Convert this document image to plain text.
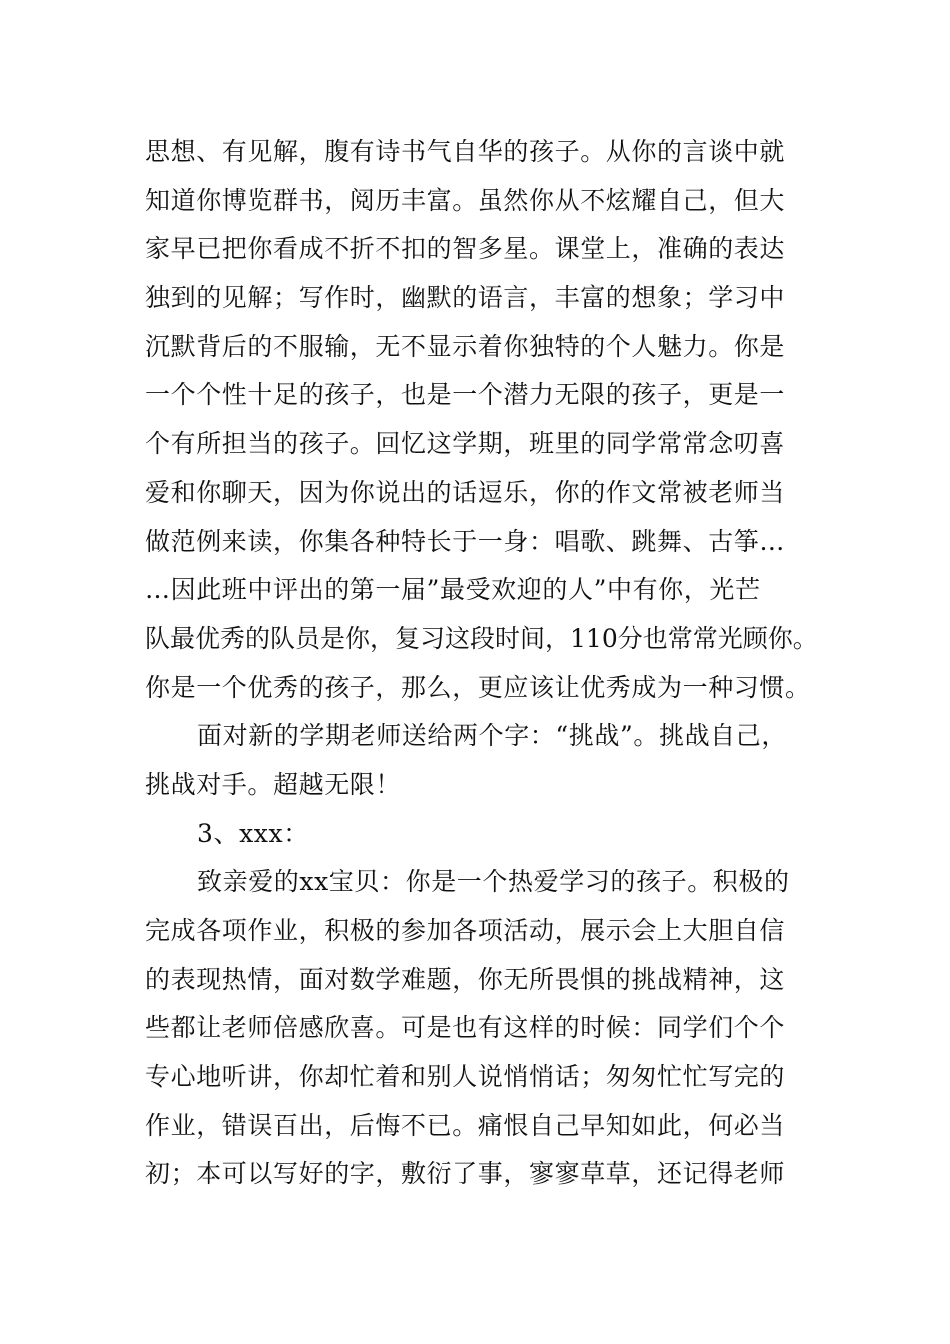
思想、有见解，腹有诗书气自华的孩子。从你的言谈中就
知道你博览群书，阅历丰富。虽然你从不炫耀自己，但大
家早已把你看成不折不扣的智多星。课堂上，准确的表达
独到的见解；写作时，幽默的语言，丰富的想象；学习中
沉默背后的不服输，无不显示着你独特的个人魅力。你是
一个个性十足的孩子，也是一个潜力无限的孩子，更是一
个有所担当的孩子。回忆这学期，班里的同学常常念叨喜
爱和你聊天，因为你说出的话逗乐，你的作文常被老师当
做范例来读，你集各种特长于一身：唱歌、跳舞、古筝…
…因此班中评出的第一届”最受欢迎的人”中有你，光芒
队最优秀的队员是你，复习这段时间，110分也常常光顾你。
你是一个优秀的孩子，那么，更应该让优秀成为一种习惯。
面对新的学期老师送给两个字：“挑战”。挑战自己，
挑战对手。超越无限！
3、xxx：
致亲爱的xx宝贝：你是一个热爱学习的孩子。积极的
完成各项作业，积极的参加各项活动，展示会上大胆自信
的表现热情，面对数学难题，你无所畏惧的挑战精神，这
些都让老师倍感欣喜。可是也有这样的时候：同学们个个
专心地听讲，你却忙着和别人说悄悄话；匆匆忙忙写完的
作业，错误百出，后悔不已。痛恨自己早知如此，何必当
初；本可以写好的字，敷衍了事，寥寥草草，还记得老师
